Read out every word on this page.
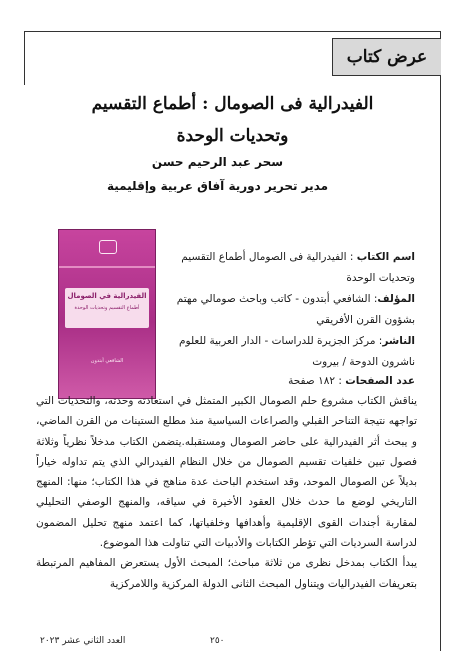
عرض كتاب
الفيدرالية فى الصومال : أطماع التقسيم
وتحديات الوحدة
سحر عبد الرحيم حسن
مدير تحرير دورية آفاق عربية وإقليمية
الفيدرالية في الصومال
أطماع التقسيم وتحديات الوحدة
الشافعي أبتدون

اسم الكتاب : الفيدرالية فى الصومال أطماع التقسيم وتحديات الوحدة

المؤلف: الشافعي أبتدون - كاتب وباحث صومالي مهتم بشؤون القرن الأفريقي

الناشر: مركز الجزيرة للدراسات - الدار العربية للعلوم ناشرون الدوحة / بيروت

عدد الصفحات : ١٨٢ صفحة

يناقش الكتاب مشروع حلم الصومال الكبير المتمثل في استعادته وحدته، والتحديات التي تواجهه نتيجة التناحر القبلي والصراعات السياسية منذ مطلع الستينات من القرن الماضي، و يبحث أثر الفيدرالية على حاضر الصومال ومستقبله.يتضمن الكتاب مدخلاً نظرياً وثلاثة فصول تبين خلفيات تقسيم الصومال من خلال النظام الفيدرالي الذي يتم تداوله خياراً بديلاً عن الصومال الموحد، وقد استخدم الباحث عدة مناهج في هذا الكتاب؛ منها: المنهج التاريخي لوضع ما حدث خلال العقود الأخيرة في سياقه، والمنهج الوصفي التحليلي لمقاربة أجندات القوى الإقليمية وأهدافها وخلفياتها، كما اعتمد منهج تحليل المضمون لدراسة السرديات التي تؤطر الكتابات والأدبيات التي تناولت هذا الموضوع.

يبدأ الكتاب بمدخل نظرى من ثلاثة مباحث؛ المبحث الأول يستعرض المفاهيم المرتبطة بتعريفات الفيدراليات ويتناول المبحث الثانى الدولة المركزية واللامركزية

العدد الثاني عشر ٢٠٢٣	٢٥٠
